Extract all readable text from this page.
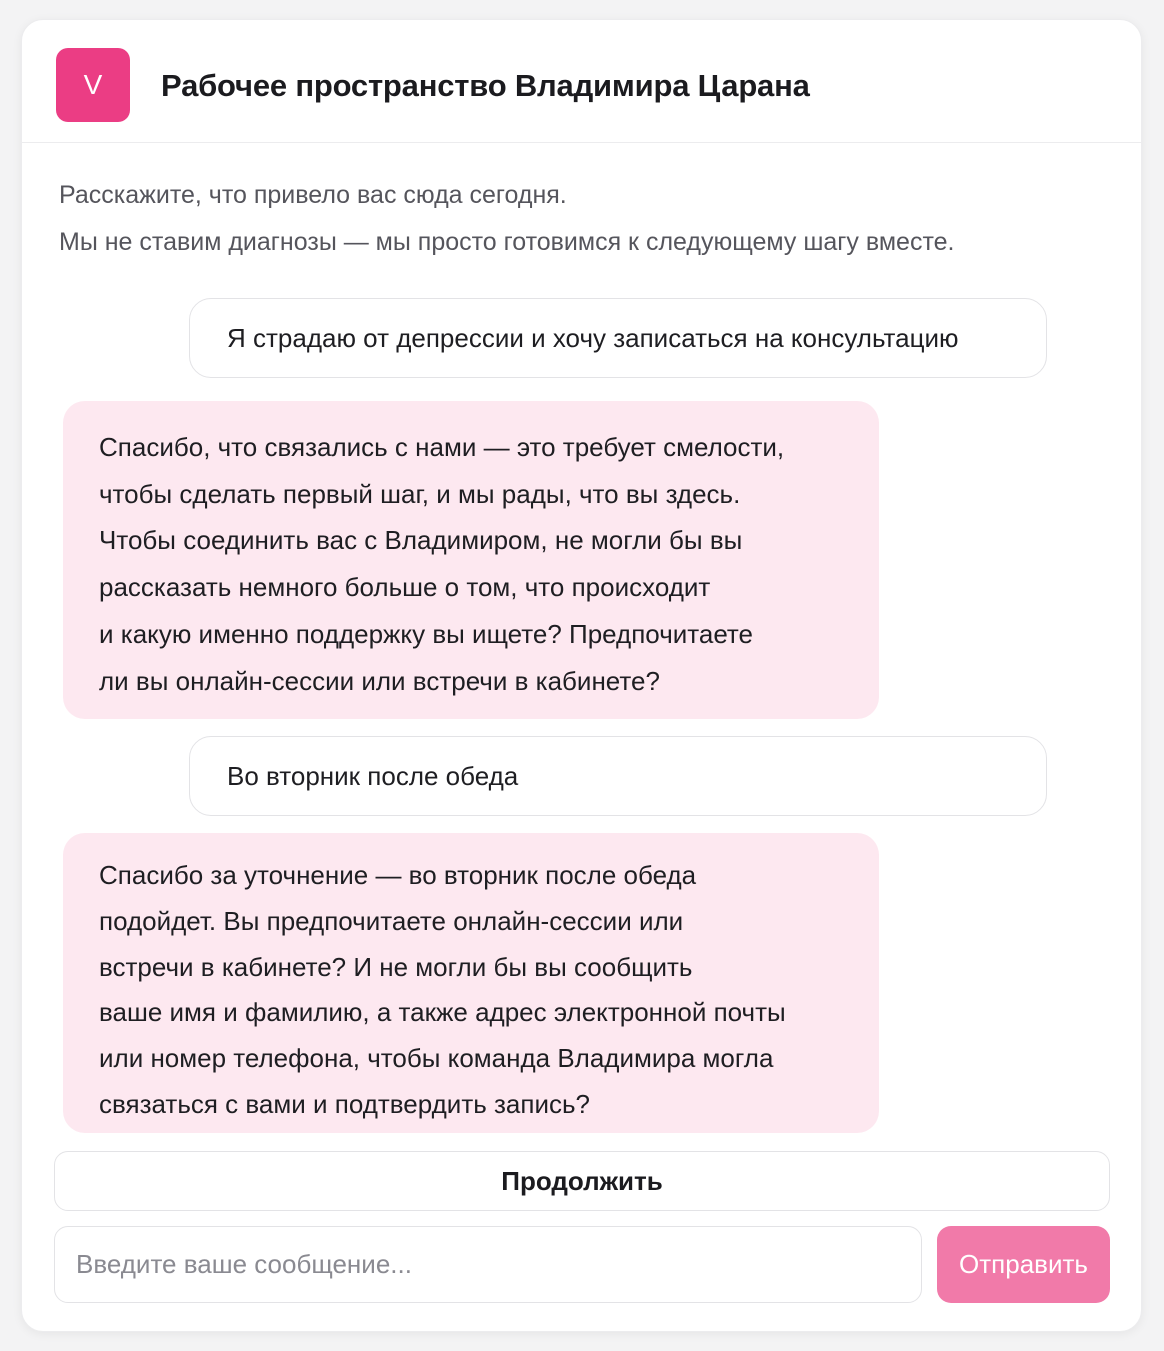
V	Рабочее пространство Владимира Царана
Расскажите, что привело вас сюда сегодня.
Мы не ставим диагнозы — мы просто готовимся к следующему шагу вместе.
Я страдаю от депрессии и хочу записаться на консультацию
Спасибо, что связались с нами — это требует смелости,
чтобы сделать первый шаг, и мы рады, что вы здесь.
Чтобы соединить вас с Владимиром, не могли бы вы
рассказать немного больше о том, что происходит
и какую именно поддержку вы ищете? Предпочитаете
ли вы онлайн-сессии или встречи в кабинете?
Во вторник после обеда
Спасибо за уточнение — во вторник после обеда
подойдет. Вы предпочитаете онлайн-сессии или
встречи в кабинете? И не могли бы вы сообщить
ваше имя и фамилию, а также адрес электронной почты
или номер телефона, чтобы команда Владимира могла
связаться с вами и подтвердить запись?
Продолжить
Введите ваше сообщение...
Отправить
